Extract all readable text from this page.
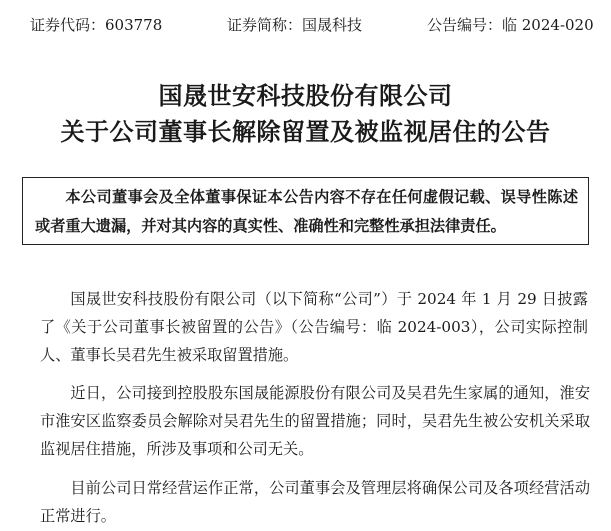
证券代码：603778	证券简称：国晟科技	公告编号：临 2024-020
国晟世安科技股份有限公司
关于公司董事长解除留置及被监视居住的公告
本公司董事会及全体董事保证本公告内容不存在任何虚假记载、误导性陈述或者重大遗漏，并对其内容的真实性、准确性和完整性承担法律责任。
国晟世安科技股份有限公司（以下简称“公司”）于 2024 年 1 月 29 日披露了《关于公司董事长被留置的公告》（公告编号：临 2024-003），公司实际控制人、董事长吴君先生被采取留置措施。
近日，公司接到控股股东国晟能源股份有限公司及吴君先生家属的通知，淮安市淮安区监察委员会解除对吴君先生的留置措施；同时，吴君先生被公安机关采取监视居住措施，所涉及事项和公司无关。
目前公司日常经营运作正常，公司董事会及管理层将确保公司及各项经营活动正常进行。
